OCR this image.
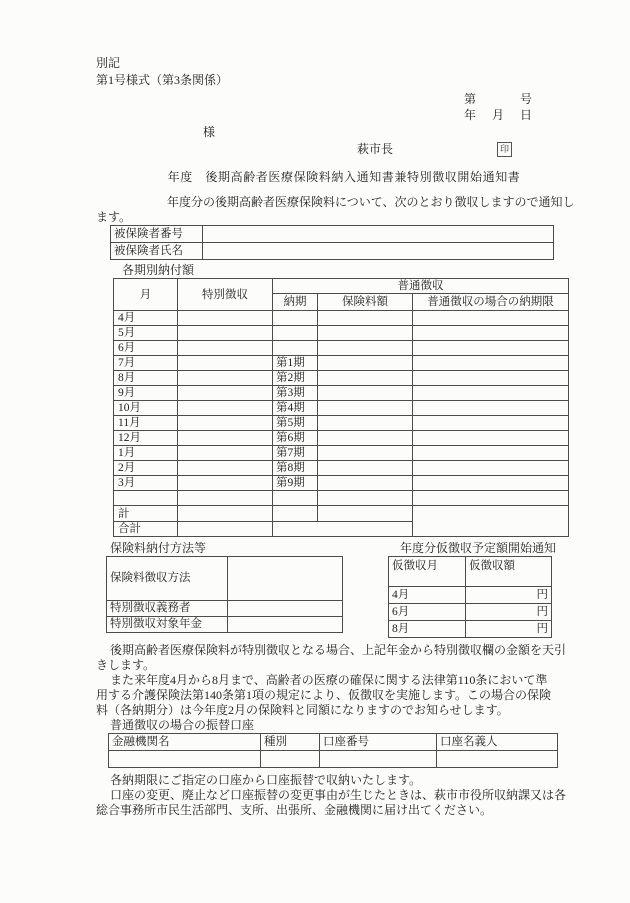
別記
第1号様式（第3条関係）
第　　　号
年　月　日
様
萩市長	印
年度　後期高齢者医療保険料納入通知書兼特別徴収開始通知書
年度分の後期高齢者医療保険料について、次のとおり徴収しますので通知し
ます。
被保険者番号	
被保険者氏名	
各期別納付額
月	特別徴収	普通徴収		
		納期	保険料額	普通徴収の場合の納期限
4月				
5月				
6月				
7月		第1期		
8月		第2期		
9月		第3期		
10月		第4期		
11月		第5期		
12月		第6期		
1月		第7期		
2月		第8期		
3月		第9期		

計				
合計				
保険料納付方法等	年度分仮徴収予定額開始通知
保険料徴収方法	
特別徴収義務者	
特別徴収対象年金	
仮徴収月	仮徴収額
4月	円
6月	円
8月	円
後期高齢者医療保険料が特別徴収となる場合、上記年金から特別徴収欄の金額を天引
きします。
また来年度4月から8月まで、高齢者の医療の確保に関する法律第110条において準
用する介護保険法第140条第1項の規定により、仮徴収を実施します。この場合の保険
料（各納期分）は今年度2月の保険料と同額になりますのでお知らせします。
普通徴収の場合の振替口座
金融機関名	種別	口座番号	口座名義人

各納期限にご指定の口座から口座振替で収納いたします。
口座の変更、廃止など口座振替の変更事由が生じたときは、萩市市役所収納課又は各
総合事務所市民生活部門、支所、出張所、金融機関に届け出てください。
